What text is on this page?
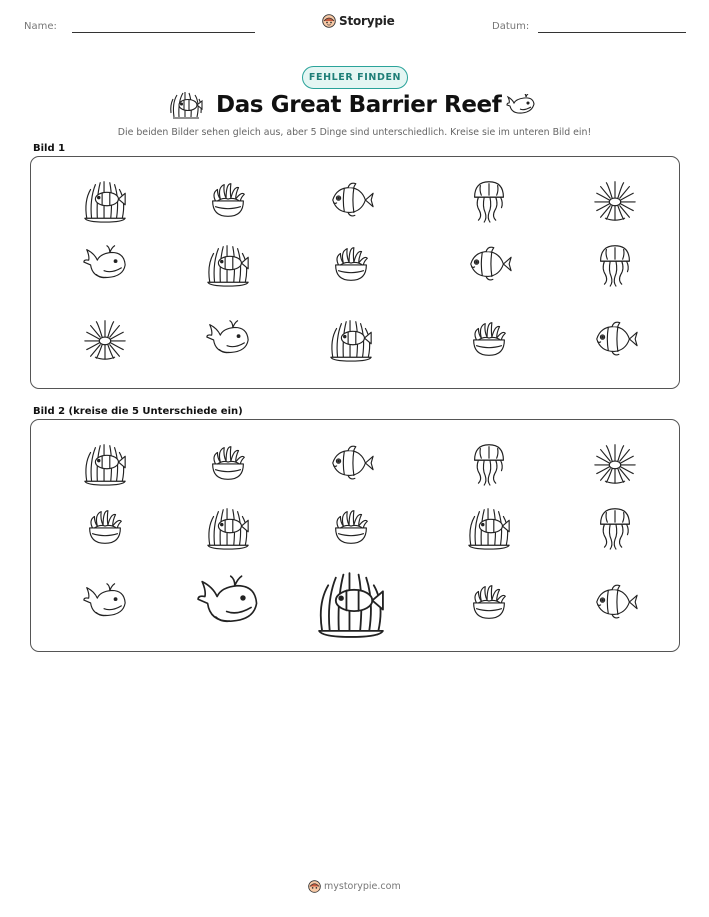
Name:	Storypie	Datum:
FEHLER FINDEN
Das Great Barrier Reef
Die beiden Bilder sehen gleich aus, aber 5 Dinge sind unterschiedlich. Kreise sie im unteren Bild ein!
Bild 1
Bild 2 (kreise die 5 Unterschiede ein)
mystorypie.com
